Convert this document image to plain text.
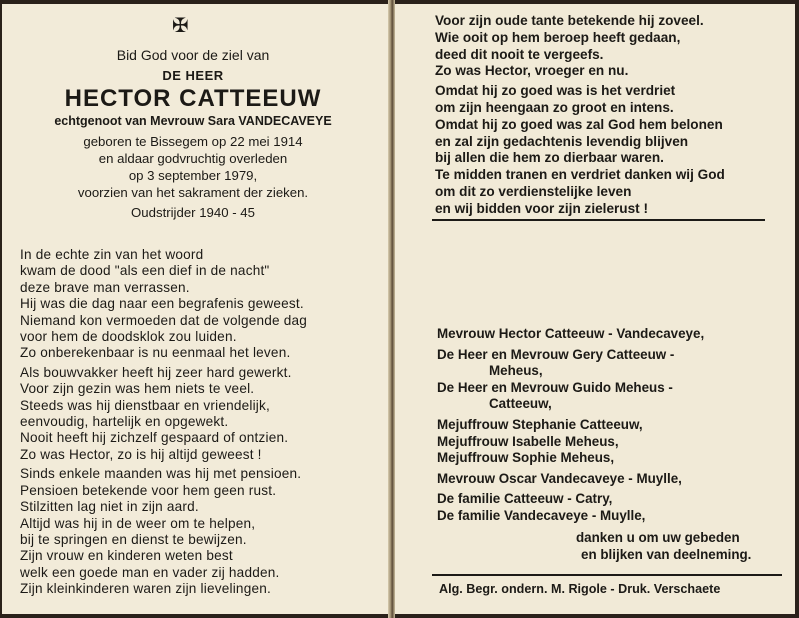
✠
Bid God voor de ziel van
DE HEER
HECTOR CATTEEUW
echtgenoot van Mevrouw Sara VANDECAVEYE
geboren te Bissegem op 22 mei 1914
en aldaar godvruchtig overleden
op 3 september 1979,
voorzien van het sakrament der zieken.
Oudstrijder 1940 - 45
In de echte zin van het woord
kwam de dood "als een dief in de nacht"
deze brave man verrassen.
Hij was die dag naar een begrafenis geweest.
Niemand kon vermoeden dat de volgende dag
voor hem de doodsklok zou luiden.
Zo onberekenbaar is nu eenmaal het leven.
Als bouwvakker heeft hij zeer hard gewerkt.
Voor zijn gezin was hem niets te veel.
Steeds was hij dienstbaar en vriendelijk,
eenvoudig, hartelijk en opgewekt.
Nooit heeft hij zichzelf gespaard of ontzien.
Zo was Hector, zo is hij altijd geweest !
Sinds enkele maanden was hij met pensioen.
Pensioen betekende voor hem geen rust.
Stilzitten lag niet in zijn aard.
Altijd was hij in de weer om te helpen,
bij te springen en dienst te bewijzen.
Zijn vrouw en kinderen weten best
welk een goede man en vader zij hadden.
Zijn kleinkinderen waren zijn lievelingen.
Voor zijn oude tante betekende hij zoveel.
Wie ooit op hem beroep heeft gedaan,
deed dit nooit te vergeefs.
Zo was Hector, vroeger en nu.
Omdat hij zo goed was is het verdriet
om zijn heengaan zo groot en intens.
Omdat hij zo goed was zal God hem belonen
en zal zijn gedachtenis levendig blijven
bij allen die hem zo dierbaar waren.
Te midden tranen en verdriet danken wij God
om dit zo verdienstelijke leven
en wij bidden voor zijn zielerust !
Mevrouw Hector Catteeuw - Vandecaveye,
De Heer en Mevrouw Gery Catteeuw -
Meheus,
De Heer en Mevrouw Guido Meheus -
Catteeuw,
Mejuffrouw Stephanie Catteeuw,
Mejuffrouw Isabelle Meheus,
Mejuffrouw Sophie Meheus,
Mevrouw Oscar Vandecaveye - Muylle,
De familie Catteeuw - Catry,
De familie Vandecaveye - Muylle,
danken u om uw gebeden
en blijken van deelneming.
Alg. Begr. ondern. M. Rigole - Druk. Verschaete
